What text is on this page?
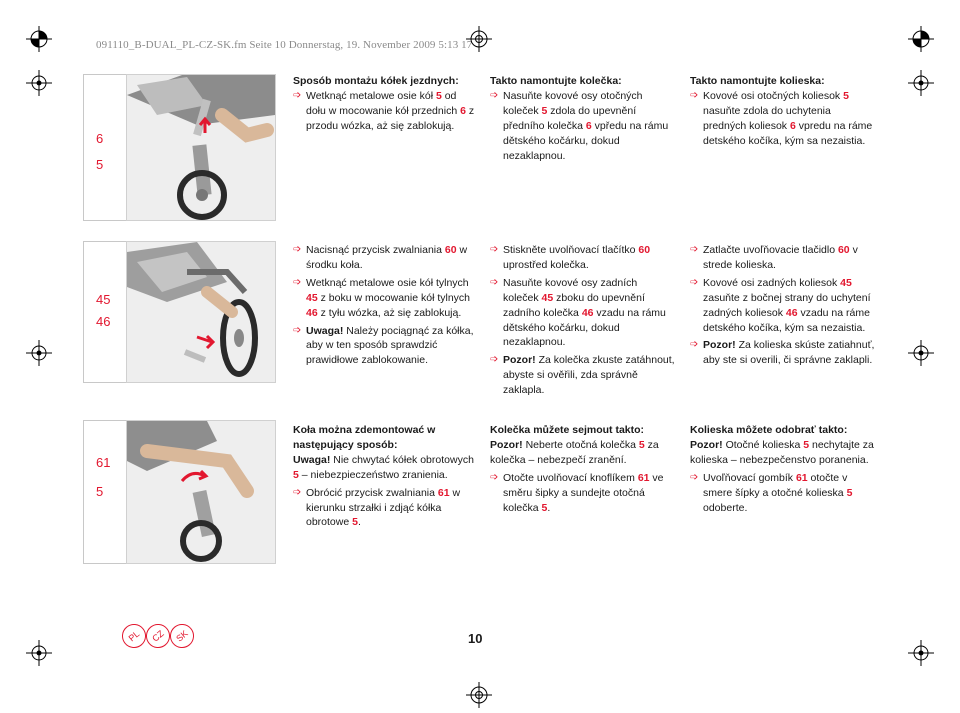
091110_B-DUAL_PL-CZ-SK.fm Seite 10 Donnerstag, 19. November 2009 5:13 17
6
5
Sposób montażu kółek jezdnych:
➩ Wetknąć metalowe osie kół 5 od dołu w mocowanie kół przednich 6 z przodu wózka, aż się zablokują.
Takto namontujte kolečka:
➩ Nasuňte kovové osy otočných koleček 5 zdola do upevnění předního kolečka 6 vpředu na rámu dětského kočárku, dokud nezaklapnou.
Takto namontujte kolieska:
➩ Kovové osi otočných koliesok 5 nasuňte zdola do uchytenia predných koliesok 6 vpredu na ráme detského kočíka, kým sa nezaistia.
45
46
➩ Nacisnąć przycisk zwalniania 60 w środku koła.
➩ Wetknąć metalowe osie kół tylnych 45 z boku w mocowanie kół tylnych 46 z tyłu wózka, aż się zablokują.
➩ Uwaga! Należy pociągnąć za kółka, aby w ten sposób sprawdzić prawidłowe zablokowanie.
➩ Stiskněte uvolňovací tlačítko 60 uprostřed kolečka.
➩ Nasuňte kovové osy zadních koleček 45 zboku do upevnění zadního kolečka 46 vzadu na rámu dětského kočárku, dokud nezaklapnou.
➩ Pozor! Za kolečka zkuste zatáhnout, abyste si ověřili, zda správně zaklapla.
➩ Zatlačte uvoľňovacie tlačidlo 60 v strede kolieska.
➩ Kovové osi zadných koliesok 45 zasuňte z bočnej strany do uchytení zadných koliesok 46 vzadu na ráme detského kočíka, kým sa nezaistia.
➩ Pozor! Za kolieska skúste zatiahnuť, aby ste si overili, či správne zaklapli.
61
5
Koła można zdemontować w następujący sposób:
Uwaga! Nie chwytać kółek obrotowych 5 – niebezpieczeństwo zranienia.
➩ Obrócić przycisk zwalniania 61 w kierunku strzałki i zdjąć kółka obrotowe 5.
Kolečka můžete sejmout takto:
Pozor! Neberte otočná kolečka 5 za kolečka – nebezpečí zranění.
➩ Otočte uvolňovací knoflíkem 61 ve směru šipky a sundejte otočná kolečka 5.
Kolieska môžete odobrať takto:
Pozor! Otočné kolieska 5 nechytajte za kolieska – nebezpečenstvo poranenia.
➩ Uvoľňovací gombík 61 otočte v smere šípky a otočné kolieska 5 odoberte.
PL CZ SK	10
